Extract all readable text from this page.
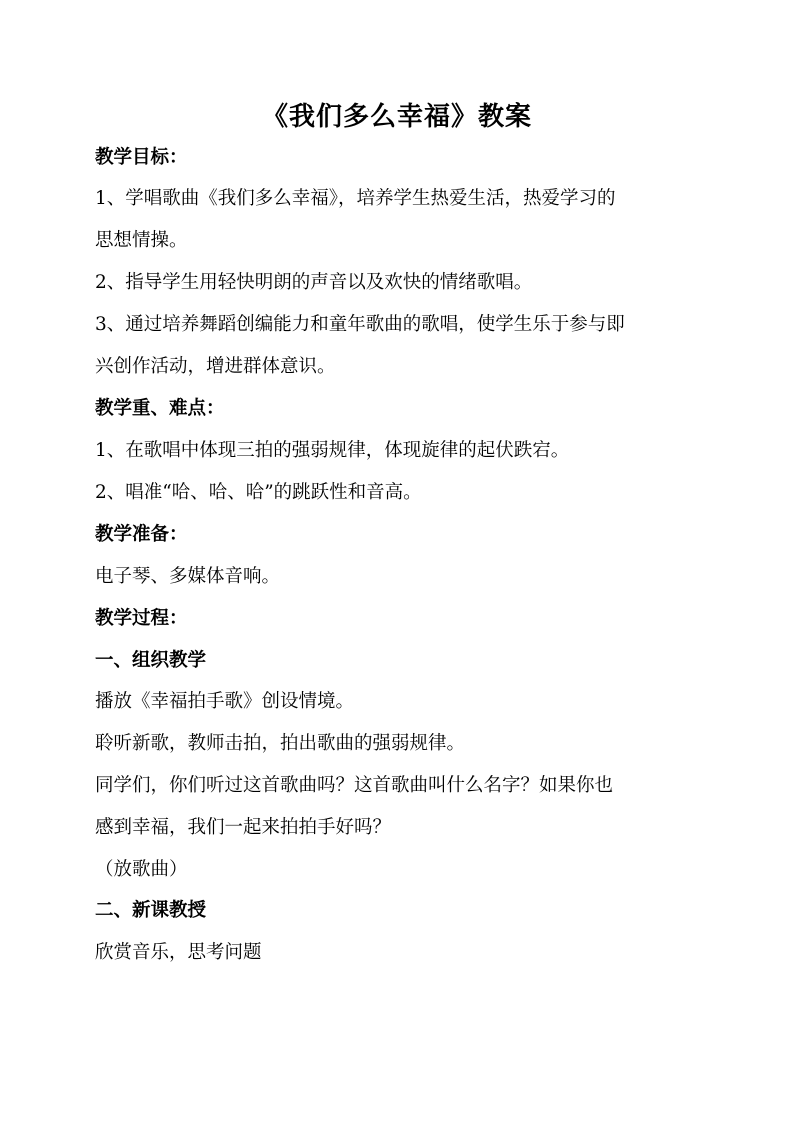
《我们多么幸福》教案
教学目标：
1、学唱歌曲《我们多么幸福》，培养学生热爱生活，热爱学习的
思想情操。
2、指导学生用轻快明朗的声音以及欢快的情绪歌唱。
3、通过培养舞蹈创编能力和童年歌曲的歌唱，使学生乐于参与即
兴创作活动，增进群体意识。
教学重、难点：
1、在歌唱中体现三拍的强弱规律，体现旋律的起伏跌宕。
2、唱准“哈、哈、哈”的跳跃性和音高。
教学准备：
电子琴、多媒体音响。
教学过程：
一、组织教学
播放《幸福拍手歌》创设情境。
聆听新歌，教师击拍，拍出歌曲的强弱规律。
同学们，你们听过这首歌曲吗？这首歌曲叫什么名字？如果你也
感到幸福，我们一起来拍拍手好吗？
（放歌曲）
二、新课教授
欣赏音乐，思考问题
